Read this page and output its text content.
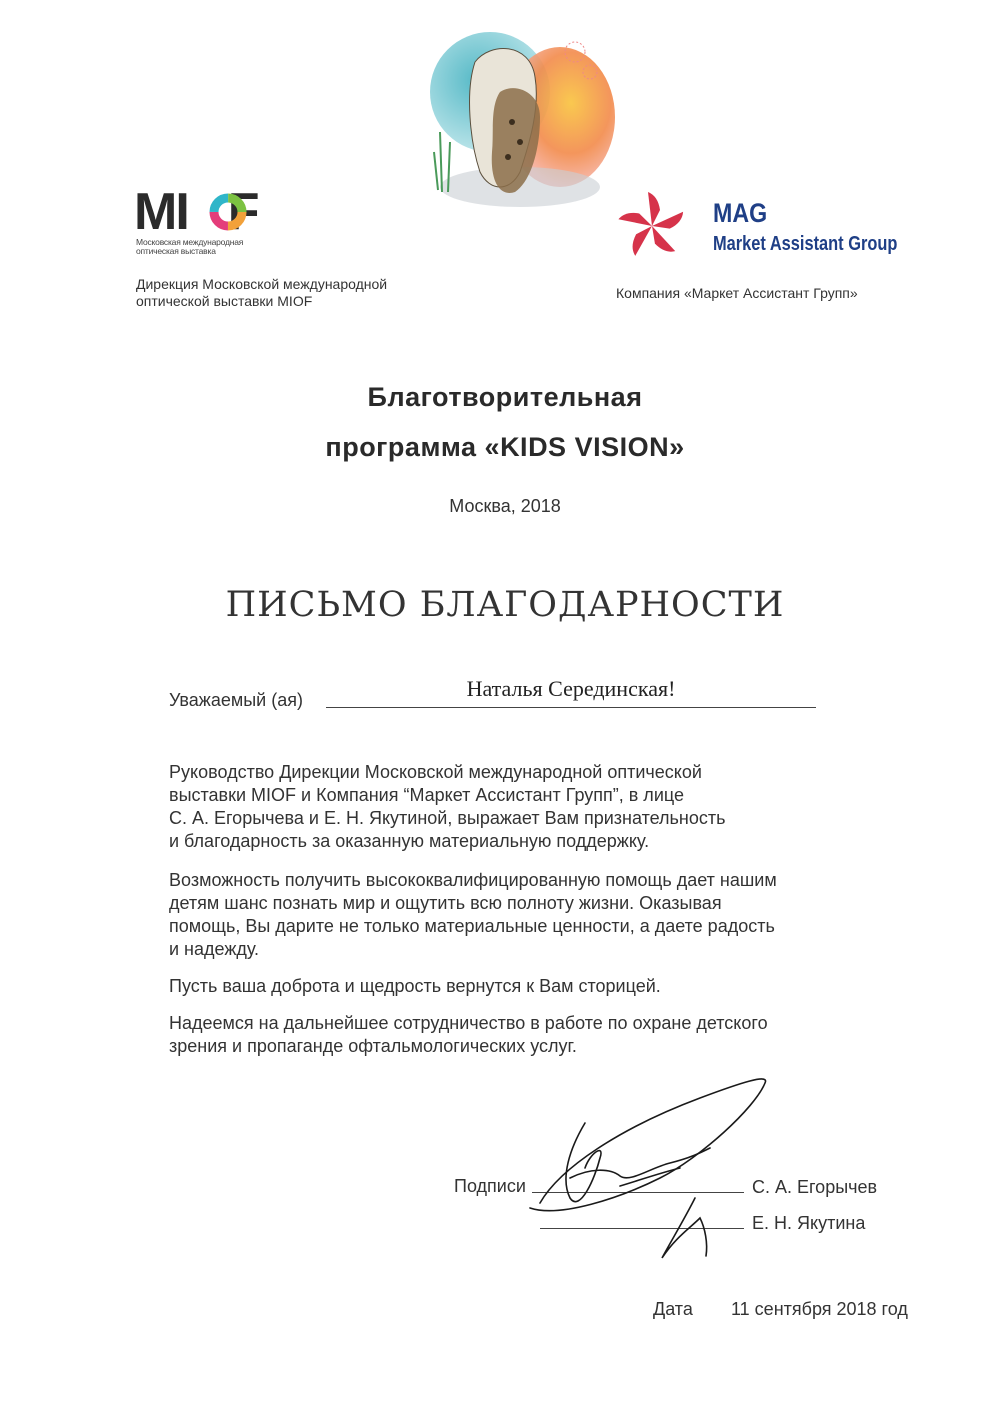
MI F
Московская международная
оптическая выставка
Дирекция Московской международной
оптической выставки MIOF
MAG
Market Assistant Group
Компания «Маркет Ассистант Групп»
Благотворительная
программа «KIDS VISION»
Москва, 2018
ПИСЬМО БЛАГОДАРНОСТИ
Уважаемый (ая)	Наталья Серединская!

Руководство Дирекции Московской международной оптической
выставки MIOF и Компания “Маркет Ассистант Групп”, в лице
С. А. Егорычева и Е. Н. Якутиной, выражает Вам признательность
и благодарность за оказанную материальную поддержку.

Возможность получить высококвалифицированную помощь дает нашим
детям шанс познать мир и ощутить всю полноту жизни. Оказывая
помощь, Вы дарите не только материальные ценности, а даете радость
и надежду.

Пусть ваша доброта и щедрость вернутся к Вам сторицей.

Надеемся на дальнейшее сотрудничество в работе по охране детского
зрения и пропаганде офтальмологических услуг.

Подписи	С. А. Егорычев
Е. Н. Якутина
Дата 11 сентября 2018 год
